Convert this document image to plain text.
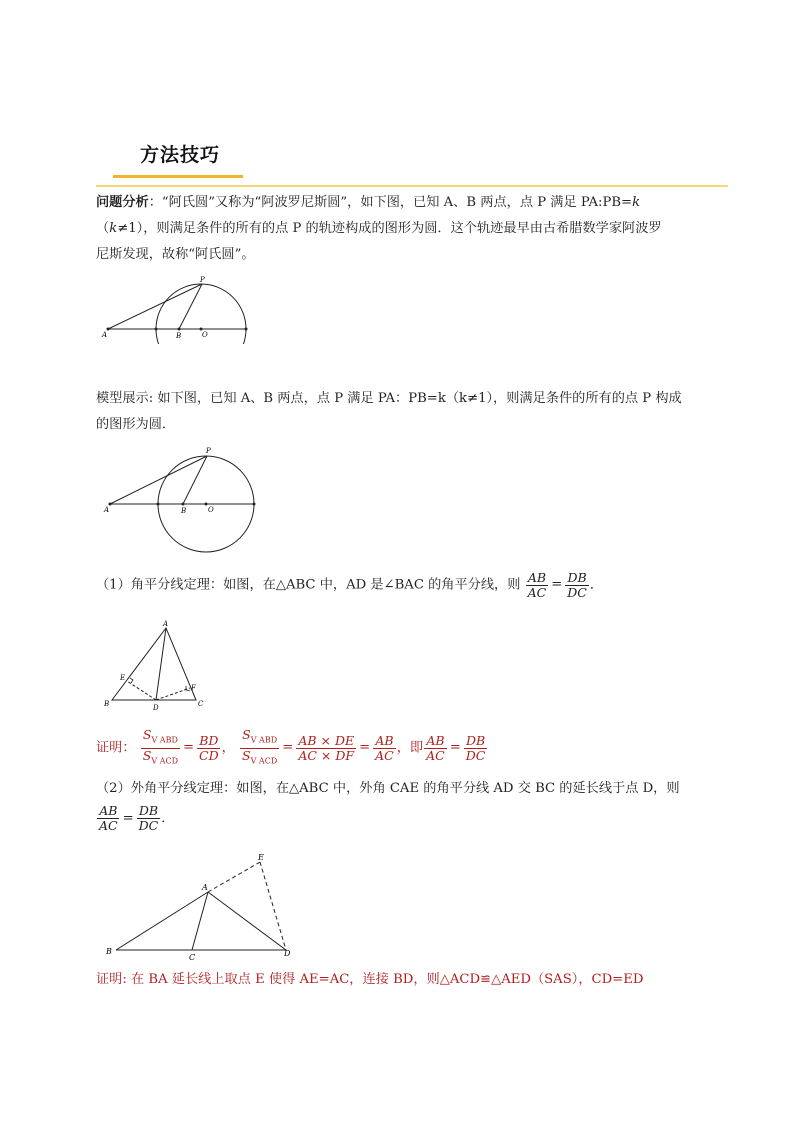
方法技巧
问题分析：“阿氏圆”又称为“阿波罗尼斯圆”，如下图，已知 A、B 两点，点 P 满足 PA:PB=k
（k≠1），则满足条件的所有的点 P 的轨迹构成的图形为圆．这个轨迹最早由古希腊数学家阿波罗
尼斯发现，故称“阿氏圆”。
P
A	B	O
模型展示: 如下图，已知 A、B 两点，点 P 满足 PA：PB=k（k≠1），则满足条件的所有的点 P 构成
的图形为圆．
P
A	B	O
（1）角平分线定理：如图，在△ABC 中，AD 是∠BAC 的角平分线，则 $\frac{AB}{AC} = \frac{DB}{DC}$ ．
A
E
F
B	D	C
证明： $\frac{S_{V ABD}}{S_{V ACD}} = \frac{BD}{CD}$ ， $\frac{S_{V ABD}}{S_{V ACD}} = \frac{AB \times DE}{AC \times DF} = \frac{AB}{AC}$ ，即 $\frac{AB}{AC} = \frac{DB}{DC}$
（2）外角平分线定理：如图，在△ABC 中，外角 CAE 的角平分线 AD 交 BC 的延长线于点 D，则
$\frac{AB}{AC} = \frac{DB}{DC}$ ．
E
A
B
C	D
证明: 在 BA 延长线上取点 E 使得 AE=AC，连接 BD，则△ACD≌△AED（SAS），CD=ED
